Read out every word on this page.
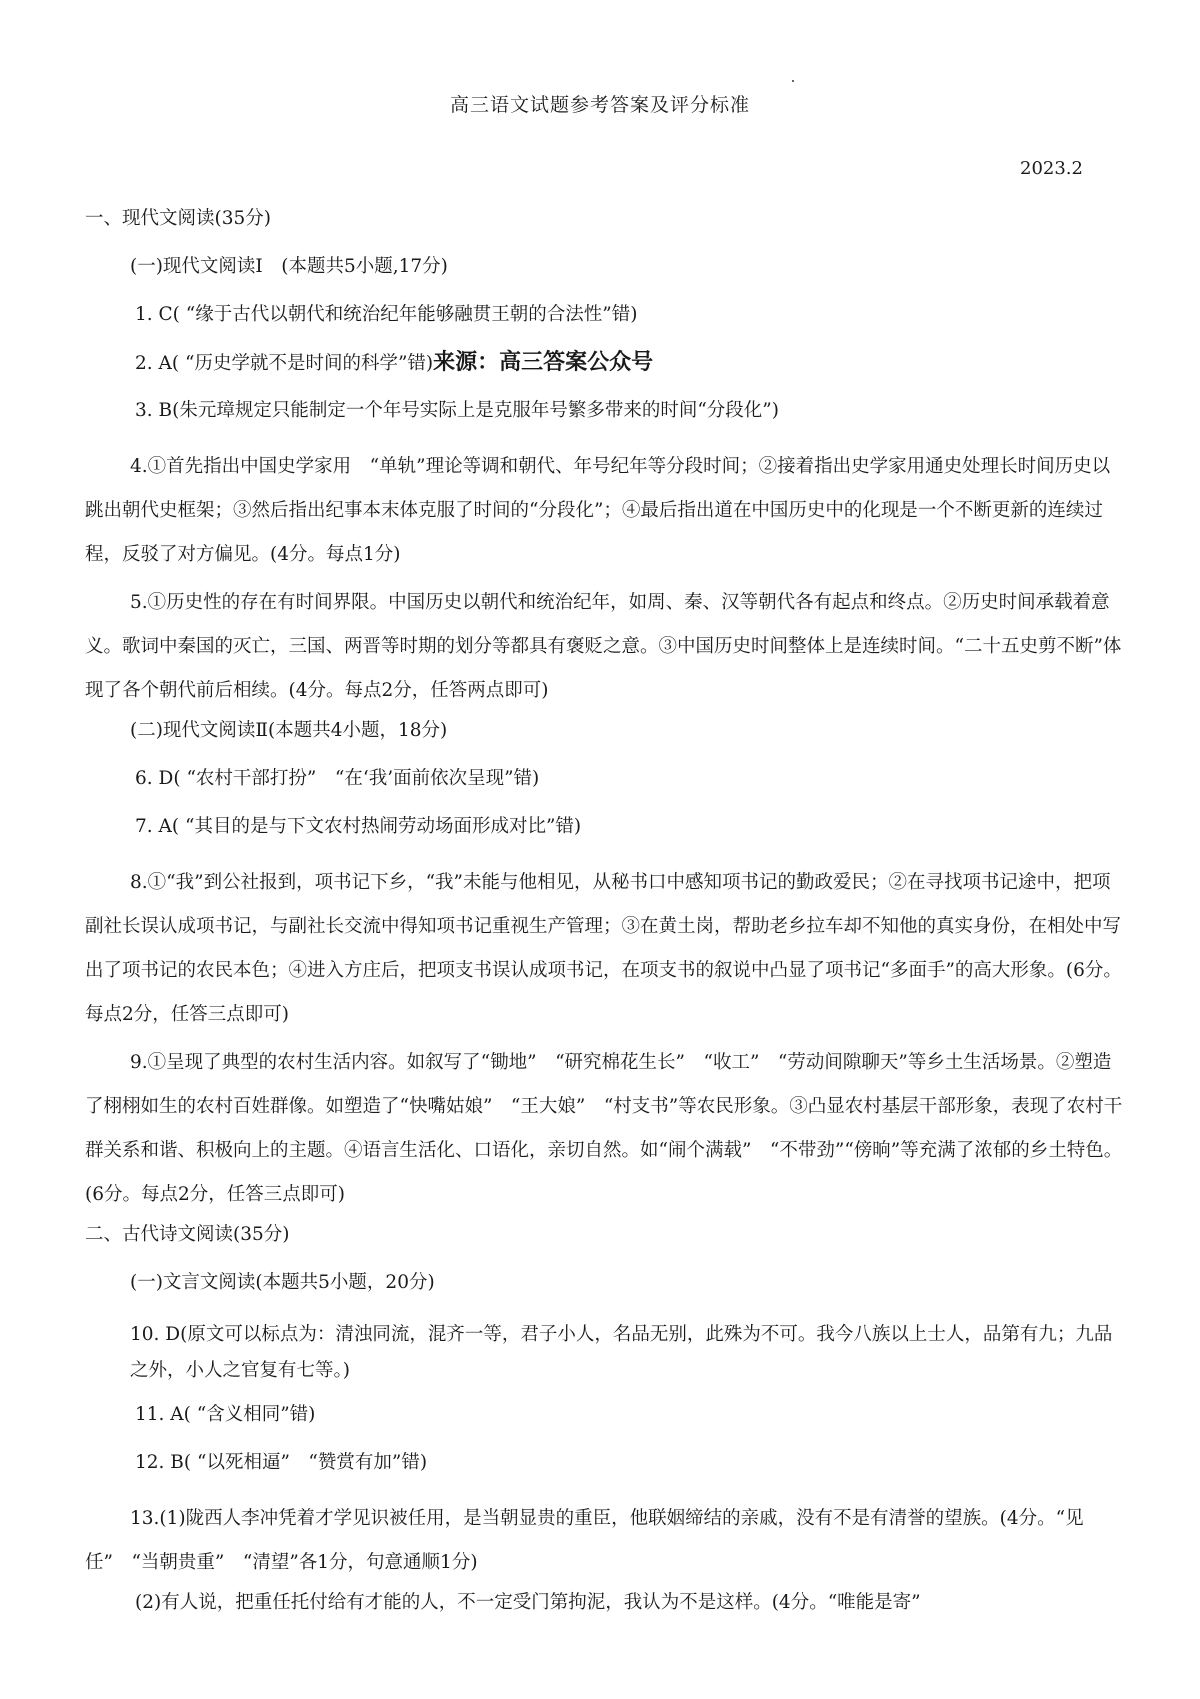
高三语文试题参考答案及评分标准
2023.2
一、现代文阅读(35分)
(一)现代文阅读Ⅰ　(本题共5小题,17分)
1. C( “缘于古代以朝代和统治纪年能够融贯王朝的合法性”错)
2. A( “历史学就不是时间的科学”错)来源：高三答案公众号
3. B(朱元璋规定只能制定一个年号实际上是克服年号繁多带来的时间“分段化”)

4.①首先指出中国史学家用　“单轨”理论等调和朝代、年号纪年等分段时间；②接着指出史学家用通史处理长时间历史以跳出朝代史框架；③然后指出纪事本末体克服了时间的“分段化”；④最后指出道在中国历史中的化现是一个不断更新的连续过程，反驳了对方偏见。(4分。每点1分)

5.①历史性的存在有时间界限。中国历史以朝代和统治纪年，如周、秦、汉等朝代各有起点和终点。②历史时间承载着意义。歌词中秦国的灭亡，三国、两晋等时期的划分等都具有褒贬之意。③中国历史时间整体上是连续时间。“二十五史剪不断”体现了各个朝代前后相续。(4分。每点2分，任答两点即可)

(二)现代文阅读Ⅱ(本题共4小题，18分)
6. D( “农村干部打扮”　“在‘我’面前依次呈现”错)
7. A( “其目的是与下文农村热闹劳动场面形成对比”错)

8.①“我”到公社报到，项书记下乡，“我”未能与他相见，从秘书口中感知项书记的勤政爱民；②在寻找项书记途中，把项副社长误认成项书记，与副社长交流中得知项书记重视生产管理；③在黄土岗，帮助老乡拉车却不知他的真实身份，在相处中写出了项书记的农民本色；④进入方庄后，把项支书误认成项书记，在项支书的叙说中凸显了项书记“多面手”的高大形象。(6分。每点2分，任答三点即可)

9.①呈现了典型的农村生活内容。如叙写了“锄地”　“研究棉花生长”　“收工”　“劳动间隙聊天”等乡土生活场景。②塑造了栩栩如生的农村百姓群像。如塑造了“快嘴姑娘”　“王大娘”　“村支书”等农民形象。③凸显农村基层干部形象，表现了农村干群关系和谐、积极向上的主题。④语言生活化、口语化，亲切自然。如“闹个满载”　“不带劲”“傍晌”等充满了浓郁的乡土特色。(6分。每点2分，任答三点即可)

二、古代诗文阅读(35分)
(一)文言文阅读(本题共5小题，20分)
10. D(原文可以标点为：清浊同流，混齐一等，君子小人，名品无别，此殊为不可。我今八族以上士人，品第有九；九品之外，小人之官复有七等。)
11. A( “含义相同”错)
12. B( “以死相逼”　“赞赏有加”错)

13.(1)陇西人李冲凭着才学见识被任用，是当朝显贵的重臣，他联姻缔结的亲戚，没有不是有清誉的望族。(4分。“见任”　“当朝贵重”　“清望”各1分，句意通顺1分)

(2)有人说，把重任托付给有才能的人，不一定受门第拘泥，我认为不是这样。(4分。“唯能是寄”
